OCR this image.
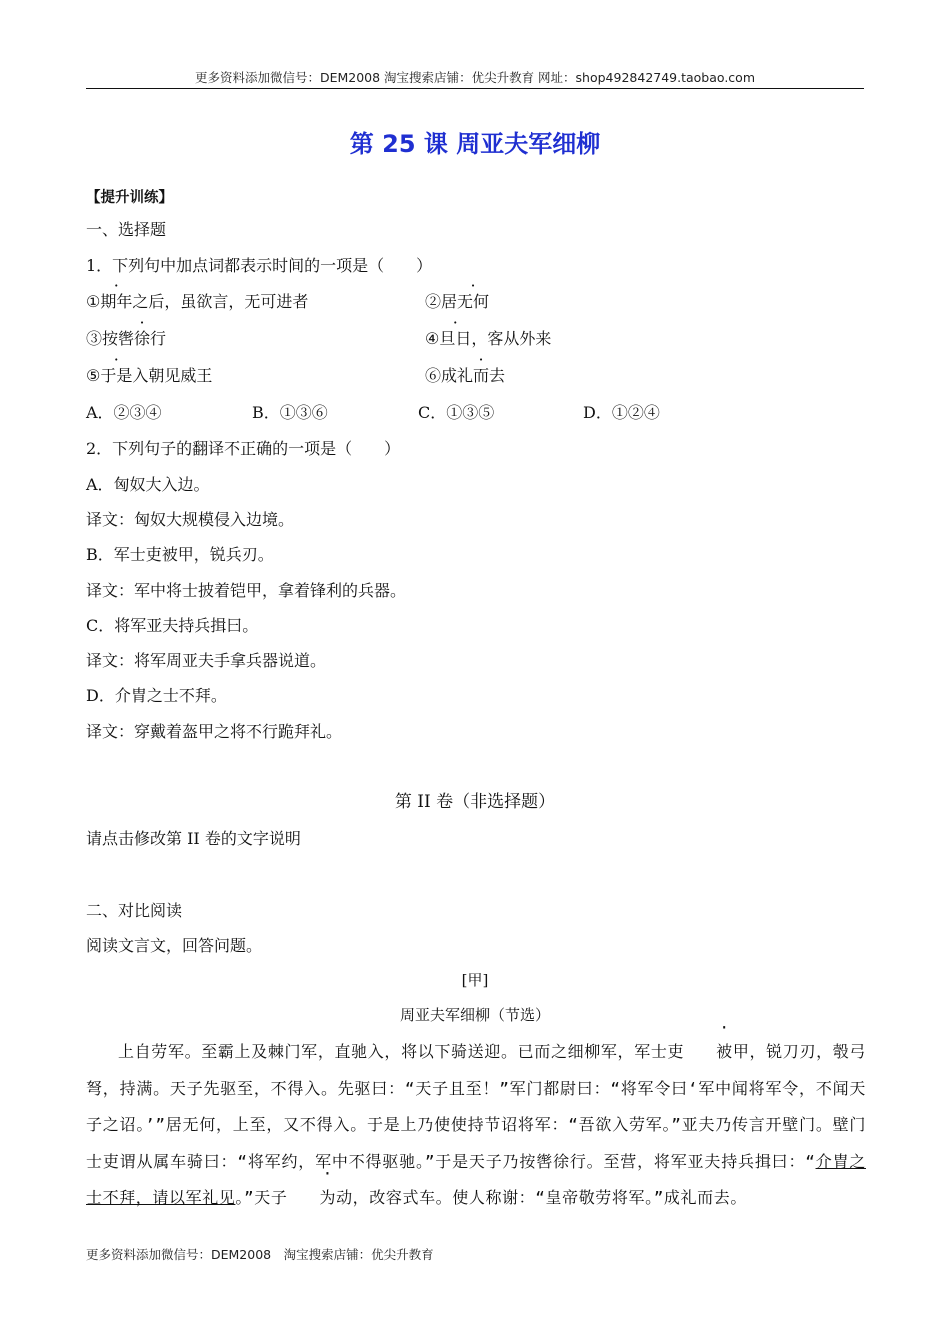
更多资料添加微信号：DEM2008 淘宝搜索店铺：优尖升教育 网址：shop492842749.taobao.com
第 25 课 周亚夫军细柳
【提升训练】
一、选择题
1．下列句中加点词都表示时间的一项是（　　）
①期年之后，虽欲言，无可进者	②居无何
③按辔徐行	④旦日，客从外来
⑤于是入朝见威王	⑥成礼而去
A．②③④	B．①③⑥	C．①③⑤	D．①②④
2．下列句子的翻译不正确的一项是（　　）
A．匈奴大入边。
译文：匈奴大规模侵入边境。
B．军士吏被甲，锐兵刃。
译文：军中将士披着铠甲，拿着锋利的兵器。
C．将军亚夫持兵揖曰。
译文：将军周亚夫手拿兵器说道。
D．介胄之士不拜。
译文：穿戴着盔甲之将不行跪拜礼。
第 II 卷（非选择题）
请点击修改第 II 卷的文字说明
二、对比阅读
阅读文言文，回答问题。
[甲]
周亚夫军细柳（节选）

上自劳军。至霸上及棘门军，直驰入，将以下骑送迎。已而之细柳军，军士吏 被甲，锐刀刃，彀弓弩，持满。天子先驱至，不得入。先驱曰：“天子且至！”军门都尉曰：“将军令曰‘军中闻将军令，不闻天子之诏。’”居无何，上至，又不得入。于是上乃使使持节诏将军：“吾欲入劳军。”亚夫乃传言开壁门。壁门士吏谓从属车骑曰：“将军约，军中不得驱驰。”于是天子乃按辔徐行。至营，将军亚夫持兵揖曰：“介胄之士不拜，请以军礼见。”天子 为动，改容式车。使人称谢：“皇帝敬劳将军。”成礼而去。

更多资料添加微信号：DEM2008　淘宝搜索店铺：优尖升教育
